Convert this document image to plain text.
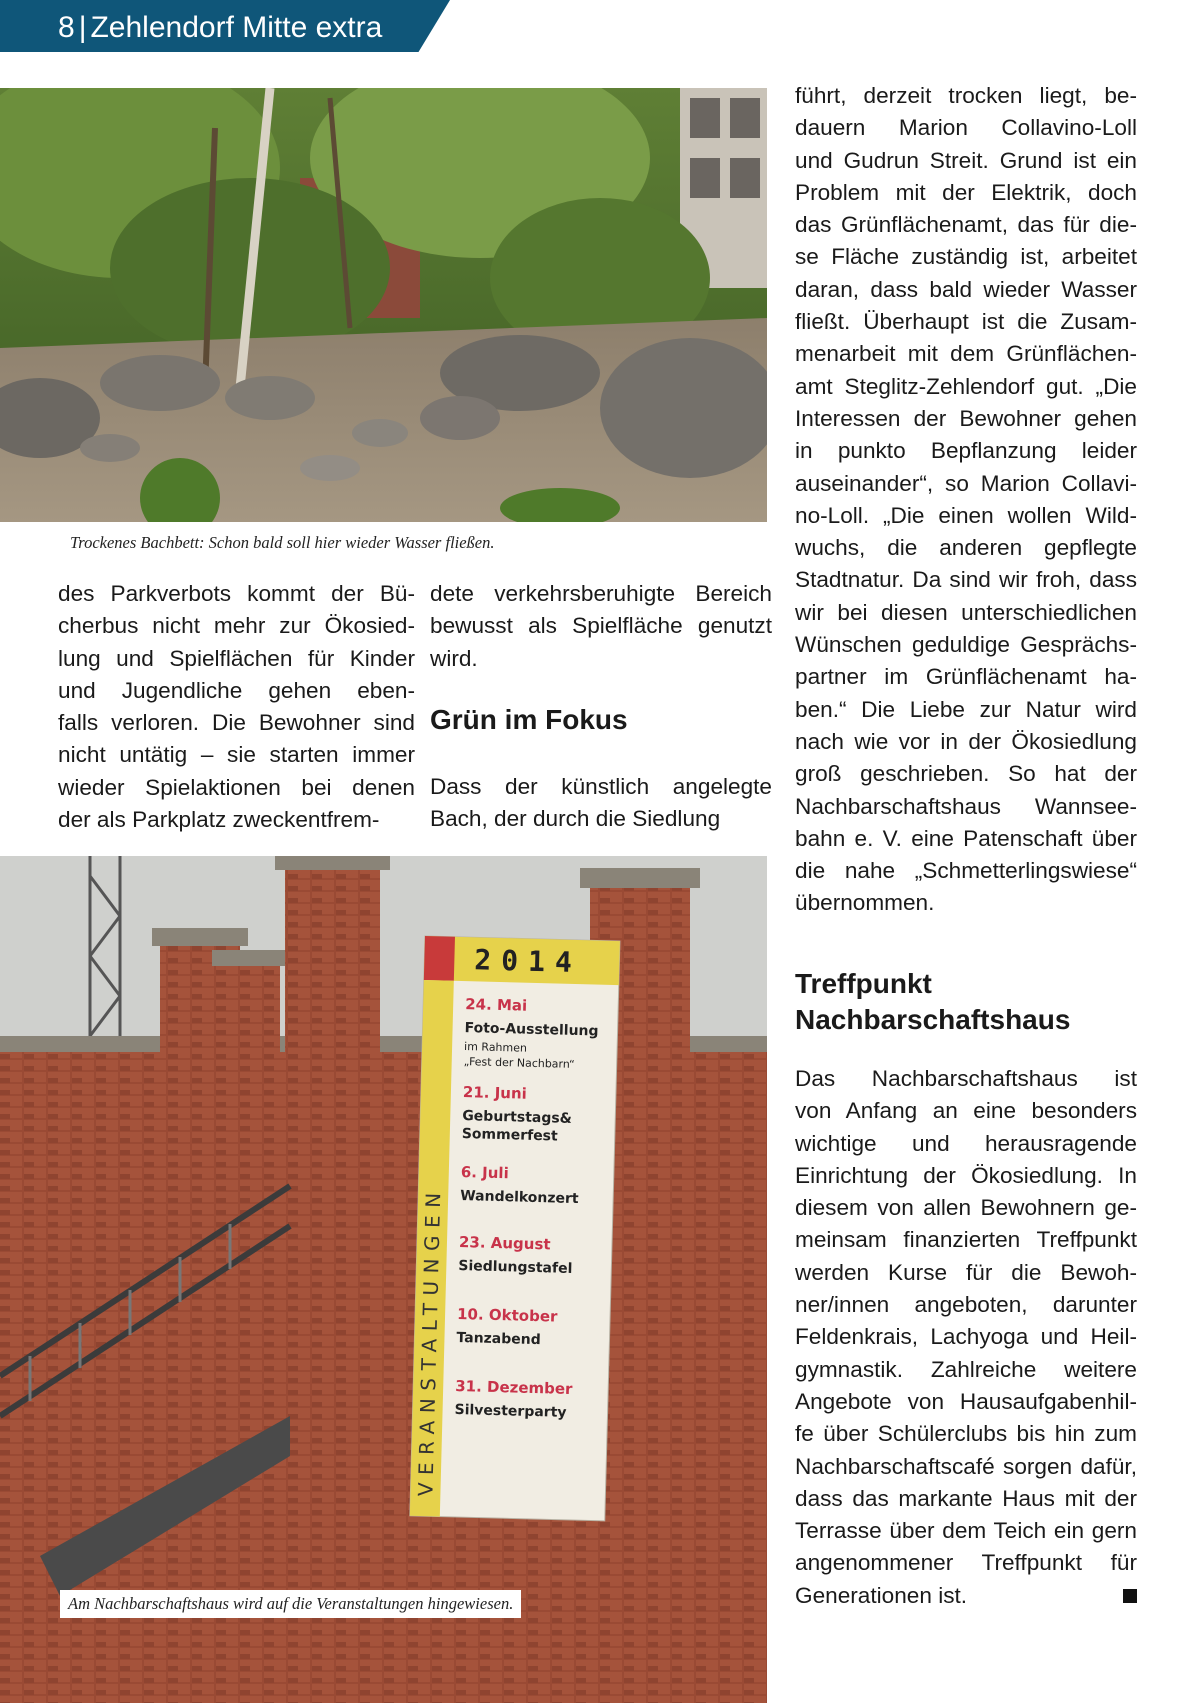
8 | Zehlendorf Mitte extra
Trockenes Bachbett: Schon bald soll hier wieder Wasser fließen.
des Parkverbots kommt der Bü-
cherbus nicht mehr zur Ökosied-
lung und Spielflächen für Kinder
und Jugendliche gehen eben-
falls verloren. Die Bewohner sind
nicht untätig – sie starten immer
wieder Spielaktionen bei denen
der als Parkplatz zweckentfrem-
dete verkehrsberuhigte Bereich
bewusst als Spielfläche genutzt
wird.
Grün im Fokus
Dass der künstlich angelegte
Bach, der durch die Siedlung
führt, derzeit trocken liegt, be-
dauern Marion Collavino-Loll
und Gudrun Streit. Grund ist ein
Problem mit der Elektrik, doch
das Grünflächenamt, das für die-
se Fläche zuständig ist, arbeitet
daran, dass bald wieder Wasser
fließt. Überhaupt ist die Zusam-
menarbeit mit dem Grünflächen-
amt Steglitz-Zehlendorf gut. „Die
Interessen der Bewohner gehen
in punkto Bepflanzung leider
auseinander“, so Marion Collavi-
no-Loll. „Die einen wollen Wild-
wuchs, die anderen gepflegte
Stadtnatur. Da sind wir froh, dass
wir bei diesen unterschiedlichen
Wünschen geduldige Gesprächs-
partner im Grünflächenamt ha-
ben.“ Die Liebe zur Natur wird
nach wie vor in der Ökosiedlung
groß geschrieben. So hat der
Nachbarschaftshaus Wannsee-
bahn e. V. eine Patenschaft über
die nahe „Schmetterlingswiese“
übernommen.
Treffpunkt
Nachbarschaftshaus
Das Nachbarschaftshaus ist
von Anfang an eine besonders
wichtige und herausragende
Einrichtung der Ökosiedlung. In
diesem von allen Bewohnern ge-
meinsam finanzierten Treffpunkt
werden Kurse für die Bewoh-
ner/innen angeboten, darunter
Feldenkrais, Lachyoga und Heil-
gymnastik. Zahlreiche weitere
Angebote von Hausaufgabenhil-
fe über Schülerclubs bis hin zum
Nachbarschaftscafé sorgen dafür,
dass das markante Haus mit der
Terrasse über dem Teich ein gern
angenommener Treffpunkt für
Generationen ist.
2014
VERANSTALTUNGEN
24. Mai
Foto-Ausstellung
im Rahmen
„Fest der Nachbarn“
21. Juni
Geburtstags&
Sommerfest
6. Juli
Wandelkonzert
23. August
Siedlungstafel
10. Oktober
Tanzabend
31. Dezember
Silvesterparty
Am Nachbarschaftshaus wird auf die Veranstaltungen hingewiesen.
